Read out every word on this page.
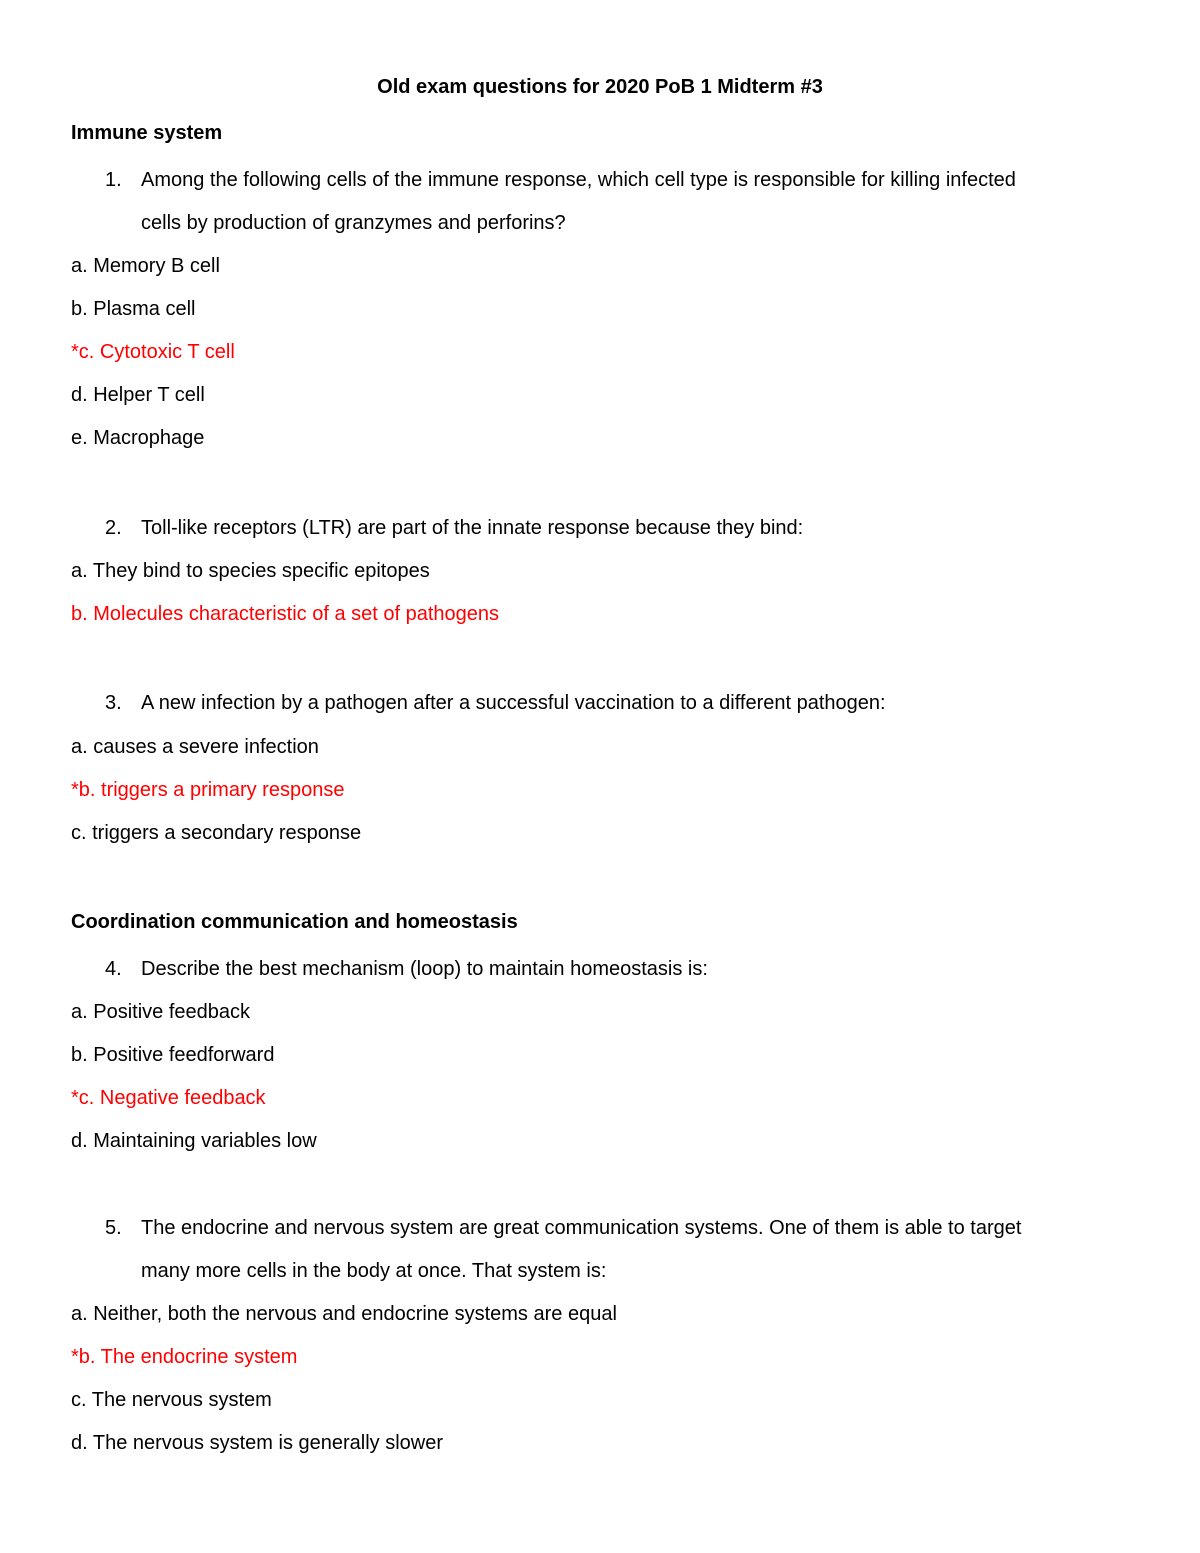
Old exam questions for 2020 PoB 1 Midterm #3
Immune system
1. Among the following cells of the immune response, which cell type is responsible for killing infected
cells by production of granzymes and perforins?
a. Memory B cell
b. Plasma cell
*c. Cytotoxic T cell
d. Helper T cell
e. Macrophage
2. Toll-like receptors (LTR) are part of the innate response because they bind:
a. They bind to species specific epitopes
b. Molecules characteristic of a set of pathogens
3. A new infection by a pathogen after a successful vaccination to a different pathogen:
a. causes a severe infection
*b. triggers a primary response
c. triggers a secondary response
Coordination communication and homeostasis
4. Describe the best mechanism (loop) to maintain homeostasis is:
a. Positive feedback
b. Positive feedforward
*c. Negative feedback
d. Maintaining variables low
5. The endocrine and nervous system are great communication systems. One of them is able to target
many more cells in the body at once. That system is:
a. Neither, both the nervous and endocrine systems are equal
*b. The endocrine system
c. The nervous system
d. The nervous system is generally slower
